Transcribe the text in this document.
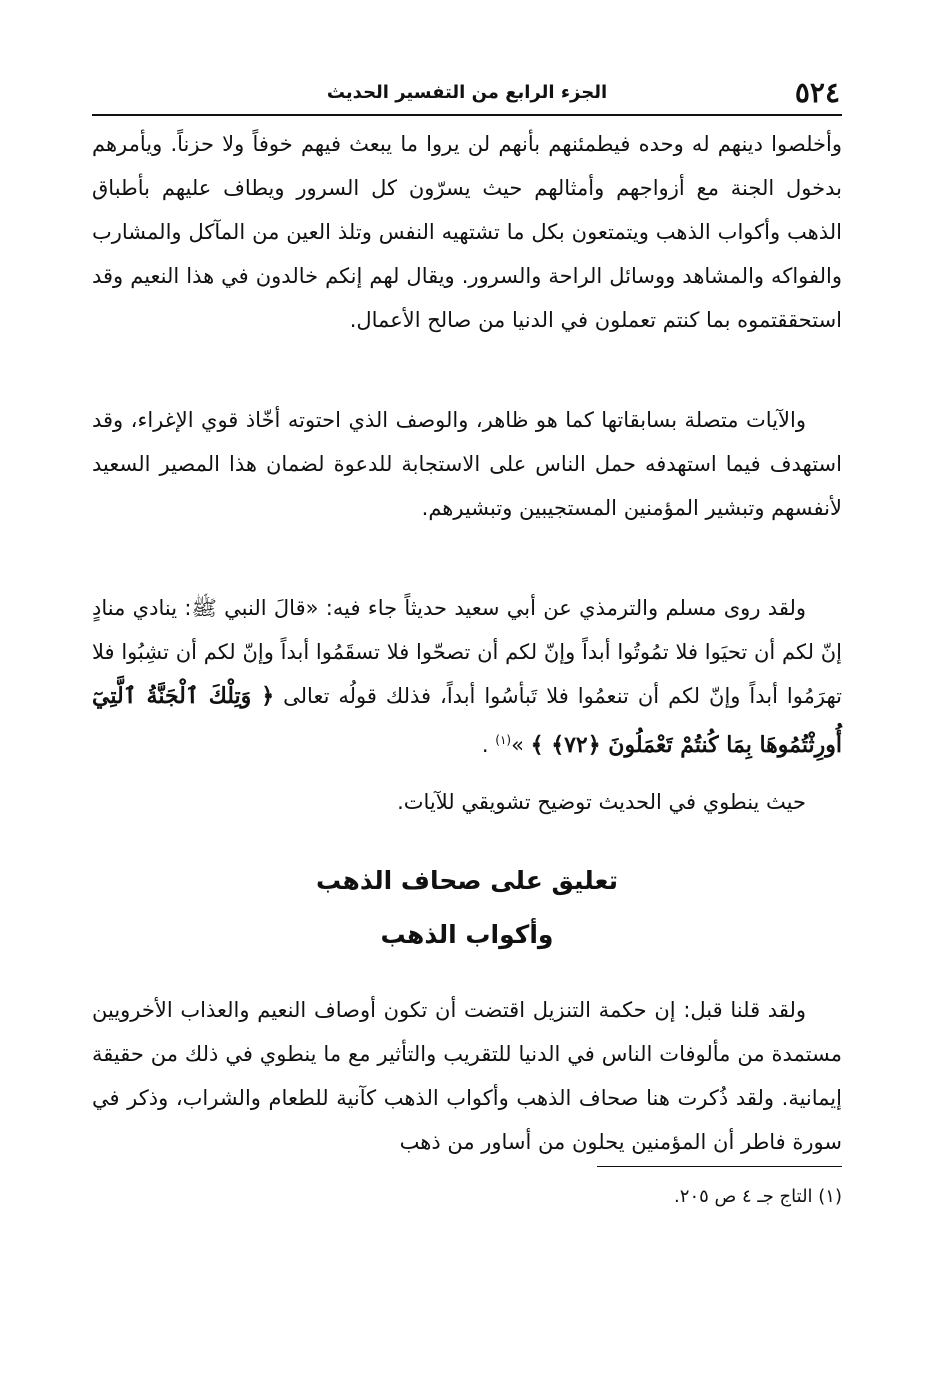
٥٢٤
الجزء الرابع من التفسير الحديث

وأخلصوا دينهم له وحده فيطمئنهم بأنهم لن يروا ما يبعث فيهم خوفاً ولا حزناً. ويأمرهم بدخول الجنة مع أزواجهم وأمثالهم حيث يسرّون كل السرور ويطاف عليهم بأطباق الذهب وأكواب الذهب ويتمتعون بكل ما تشتهيه النفس وتلذ العين من المآكل والمشارب والفواكه والمشاهد ووسائل الراحة والسرور. ويقال لهم إنكم خالدون في هذا النعيم وقد استحققتموه بما كنتم تعملون في الدنيا من صالح الأعمال.

والآيات متصلة بسابقاتها كما هو ظاهر، والوصف الذي احتوته أخّاذ قوي الإغراء، وقد استهدف فيما استهدفه حمل الناس على الاستجابة للدعوة لضمان هذا المصير السعيد لأنفسهم وتبشير المؤمنين المستجيبين وتبشيرهم.

ولقد روى مسلم والترمذي عن أبي سعيد حديثاً جاء فيه: «قالَ النبي ﷺ: ينادي منادٍ إنّ لكم أن تحيَوا فلا تمُوتُوا أبداً وإنّ لكم أن تصحّوا فلا تسقَمُوا أبداً وإنّ لكم أن تشِبُوا فلا تهرَمُوا أبداً وإنّ لكم أن تنعمُوا فلا تَبأسُوا أبداً، فذلك قولُه تعالى ﴿ وَتِلْكَ ٱلْجَنَّةُ ٱلَّتِيٓ أُورِثْتُمُوهَا بِمَا كُنتُمْ تَعْمَلُونَ ﴿٧٢﴾ ﴾ »$^{(١)}$ .

حيث ينطوي في الحديث توضيح تشويقي للآيات.

تعليق على صحاف الذهب
وأكواب الذهب

ولقد قلنا قبل: إن حكمة التنزيل اقتضت أن تكون أوصاف النعيم والعذاب الأخرويين مستمدة من مألوفات الناس في الدنيا للتقريب والتأثير مع ما ينطوي في ذلك من حقيقة إيمانية. ولقد ذُكرت هنا صحاف الذهب وأكواب الذهب كآنية للطعام والشراب، وذكر في سورة فاطر أن المؤمنين يحلون من أساور من ذهب

(١) التاج جـ ٤ ص ٢٠٥.
